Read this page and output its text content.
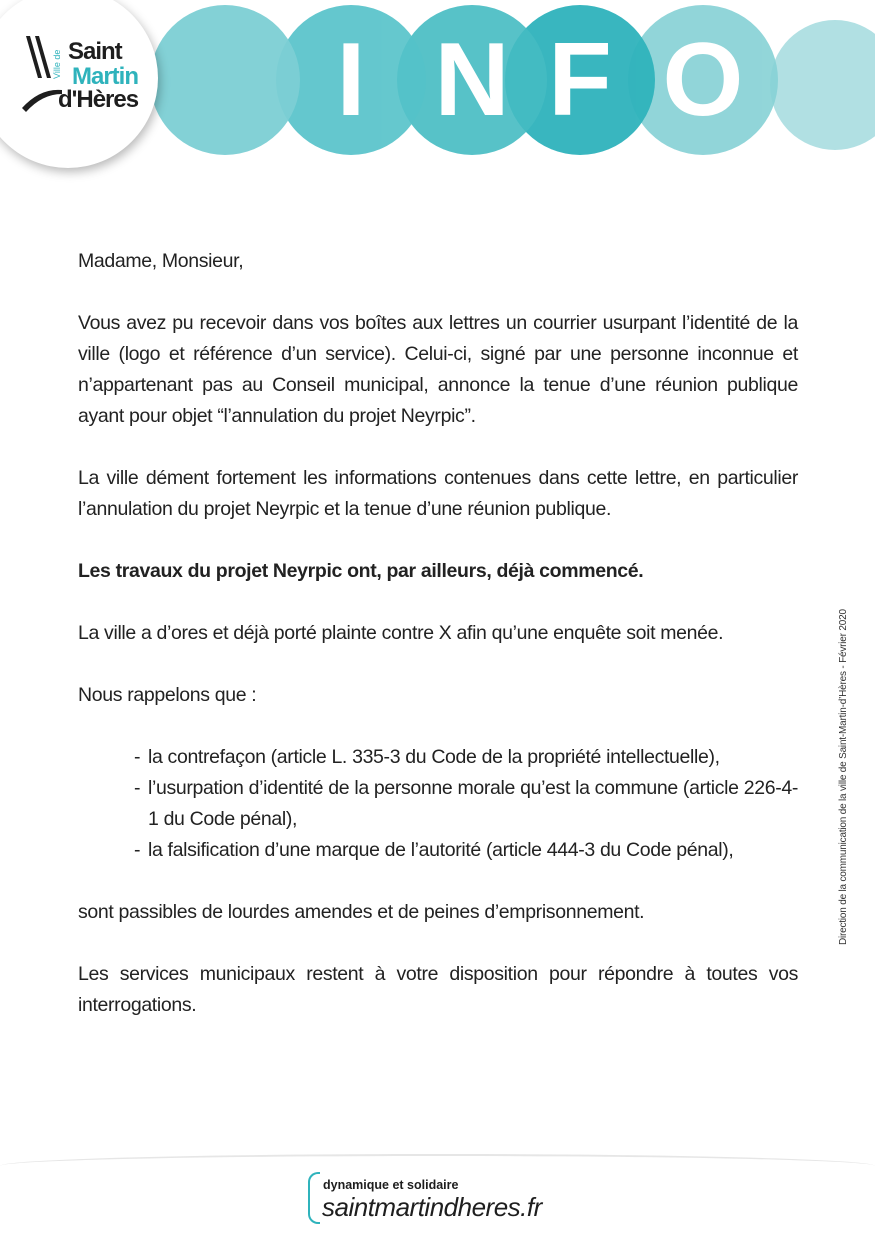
O
F
N
I
Ville de Saint
Martin
d'Hères

Madame, Monsieur,

Vous avez pu recevoir dans vos boîtes aux lettres un courrier usurpant l’identité de la ville (logo et référence d’un service). Celui-ci, signé par une personne inconnue et n’appartenant pas au Conseil municipal, annonce la tenue d’une réunion publique ayant pour objet “l’annulation du projet Neyrpic”.

La ville dément fortement les informations contenues dans cette lettre, en particulier l’annulation du projet Neyrpic et la tenue d’une réunion publique.

Les travaux du projet Neyrpic ont, par ailleurs, déjà commencé.

La ville a d’ores et déjà porté plainte contre X afin qu’une enquête soit menée.

Nous rappelons que :

- la contrefaçon (article L. 335-3 du Code de la propriété intellectuelle),
- l’usurpation d’identité de la personne morale qu’est la commune (article 226-4-1 du Code pénal),
- la falsification d’une marque de l’autorité (article 444-3 du Code pénal),

sont passibles de lourdes amendes et de peines d’emprisonnement.

Les services municipaux restent à votre disposition pour répondre à toutes vos interrogations.

Direction de la communication de la ville de Saint-Martin-d’Hères - Février 2020
dynamique et solidaire
saintmartindheres.fr
